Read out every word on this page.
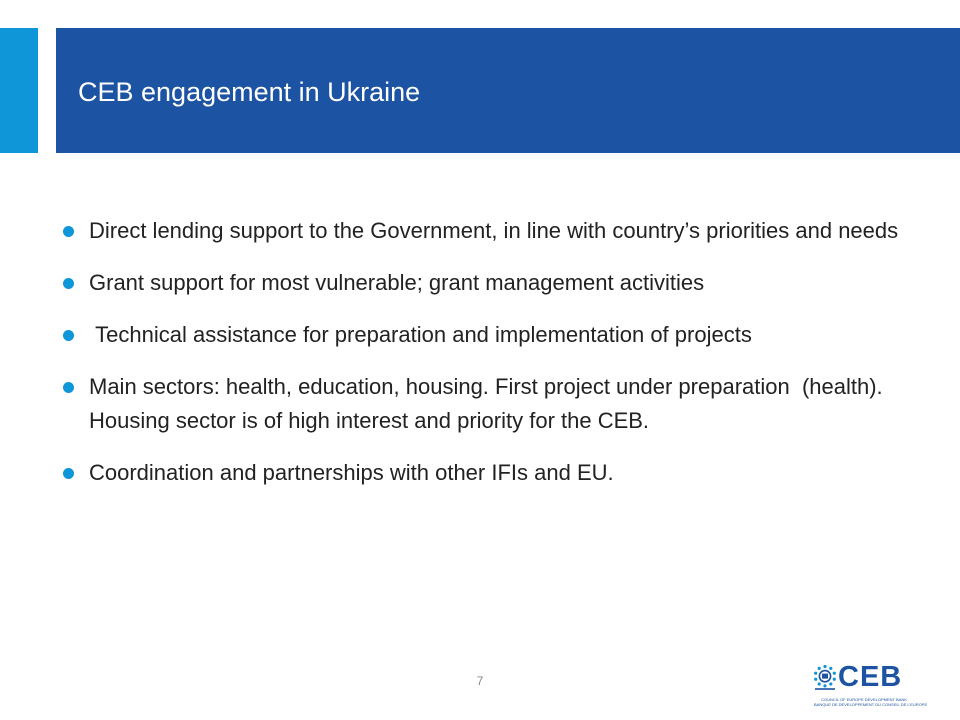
CEB engagement in Ukraine
Direct lending support to the Government, in line with country’s priorities and needs
Grant support for most vulnerable; grant management activities
Technical assistance for preparation and implementation of projects
Main sectors: health, education, housing. First project under preparation  (health). Housing sector is of high interest and priority for the CEB.
Coordination and partnerships with other IFIs and EU.
7	CEB
COUNCIL OF EUROPE DEVELOPMENT BANK
BANQUE DE DÉVELOPPEMENT DU CONSEIL DE L’EUROPE
